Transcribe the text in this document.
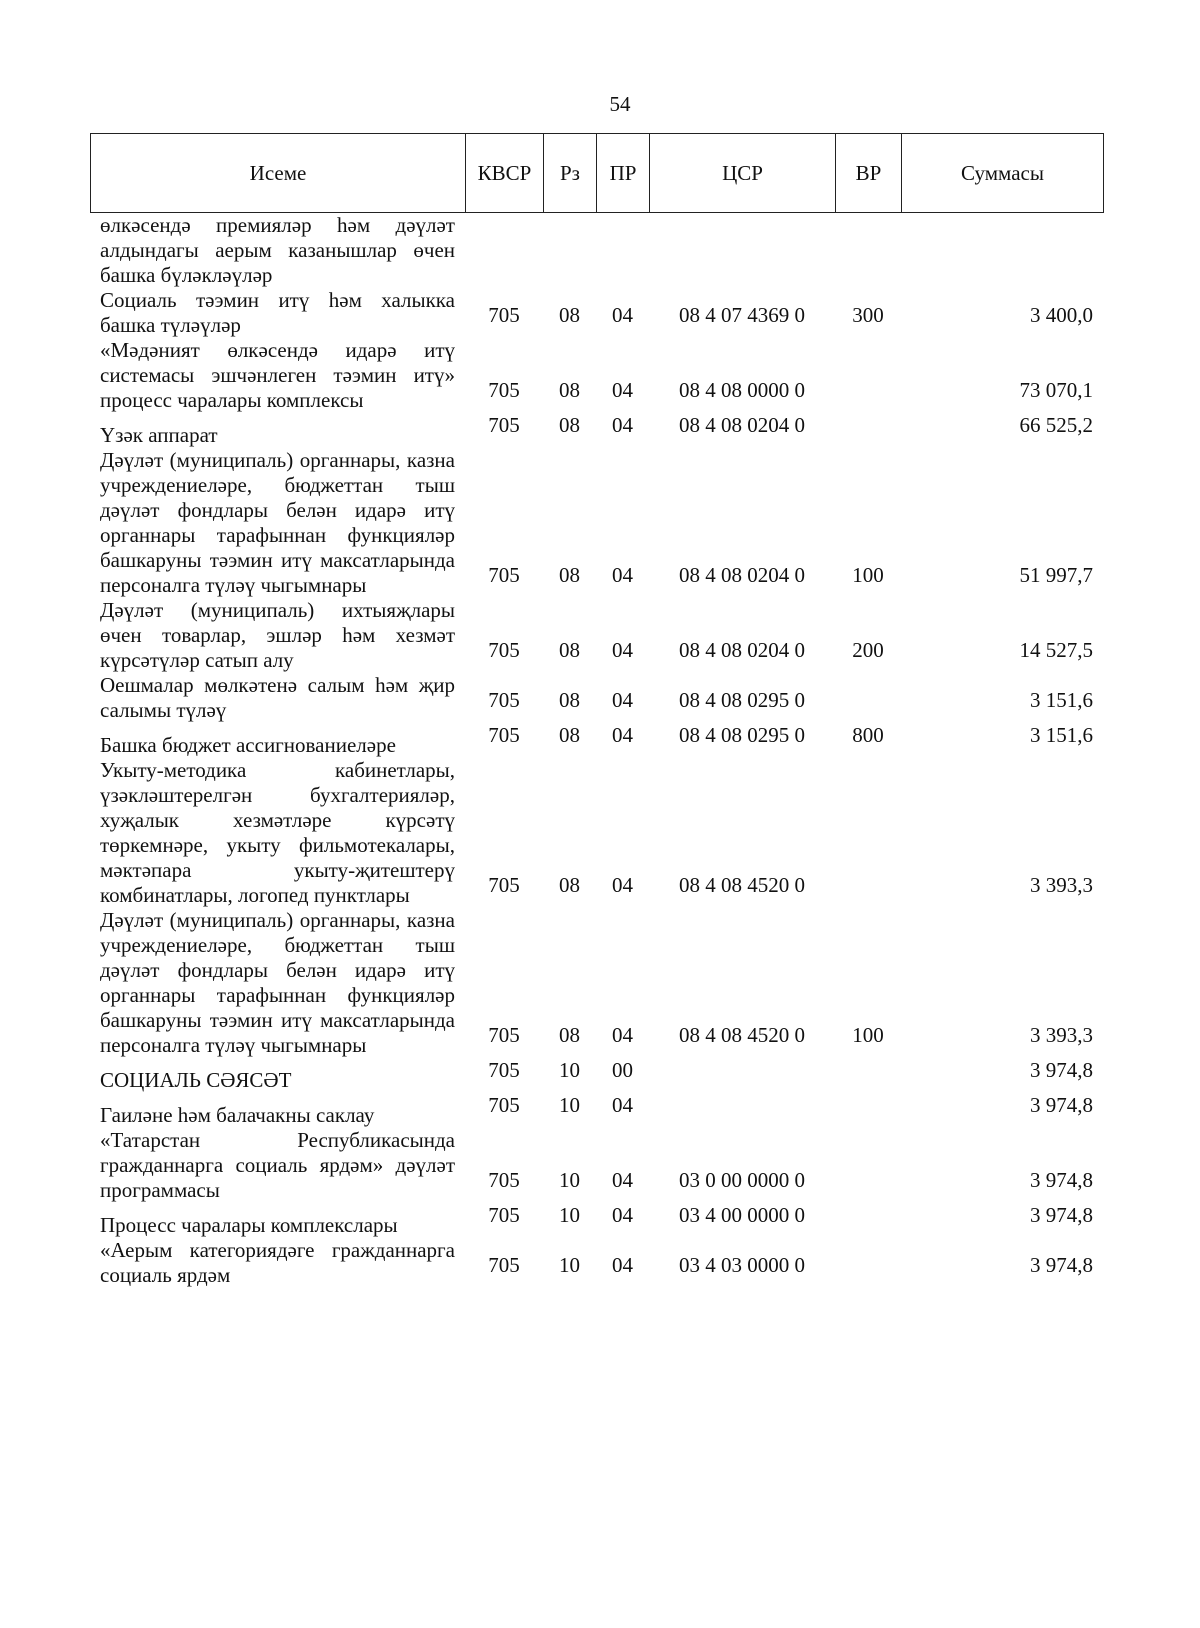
54
Исеме	КВСР	Рз	ПР	ЦСР	ВР	Суммасы
өлкәсендә премияләр һәм дәүләт алдындагы аерым казанышлар өчен башка бүләкләүләр						
Социаль тәэмин итү һәм халыкка башка түләүләр	705	08	04	08 4 07 4369 0	300	3 400,0
«Мәдәният өлкәсендә идарә итү системасы эшчәнлеген тәэмин итү» процесс чаралары комплексы	705	08	04	08 4 08 0000 0		73 070,1
Үзәк аппарат	705	08	04	08 4 08 0204 0		66 525,2
Дәүләт (муниципаль) органнары, казна учреждениеләре, бюджеттан тыш дәүләт фондлары белән идарә итү органнары тарафыннан функцияләр башкаруны тәэмин итү максатларында персоналга түләү чыгымнары	705	08	04	08 4 08 0204 0	100	51 997,7
Дәүләт (муниципаль) ихтыяҗлары өчен товарлар, эшләр һәм хезмәт күрсәтүләр сатып алу	705	08	04	08 4 08 0204 0	200	14 527,5
Оешмалар мөлкәтенә салым һәм җир салымы түләү	705	08	04	08 4 08 0295 0		3 151,6
Башка бюджет ассигнованиеләре	705	08	04	08 4 08 0295 0	800	3 151,6
Укыту-методика кабинетлары, үзәкләштерелгән бухгалтерияләр, хуҗалык хезмәтләре күрсәтү төркемнәре, укыту фильмотекалары, мәктәпара укыту-җитештерү комбинатлары, логопед пунктлары	705	08	04	08 4 08 4520 0		3 393,3
Дәүләт (муниципаль) органнары, казна учреждениеләре, бюджеттан тыш дәүләт фондлары белән идарә итү органнары тарафыннан функцияләр башкаруны тәэмин итү максатларында персоналга түләү чыгымнары	705	08	04	08 4 08 4520 0	100	3 393,3
СОЦИАЛЬ СӘЯСӘТ	705	10	00			3 974,8
Гаиләне һәм балачакны саклау	705	10	04			3 974,8
«Татарстан Республикасында гражданнарга социаль ярдәм» дәүләт программасы	705	10	04	03 0 00 0000 0		3 974,8
Процесс чаралары комплекслары	705	10	04	03 4 00 0000 0		3 974,8
«Аерым категориядәге гражданнарга социаль ярдәм	705	10	04	03 4 03 0000 0		3 974,8
